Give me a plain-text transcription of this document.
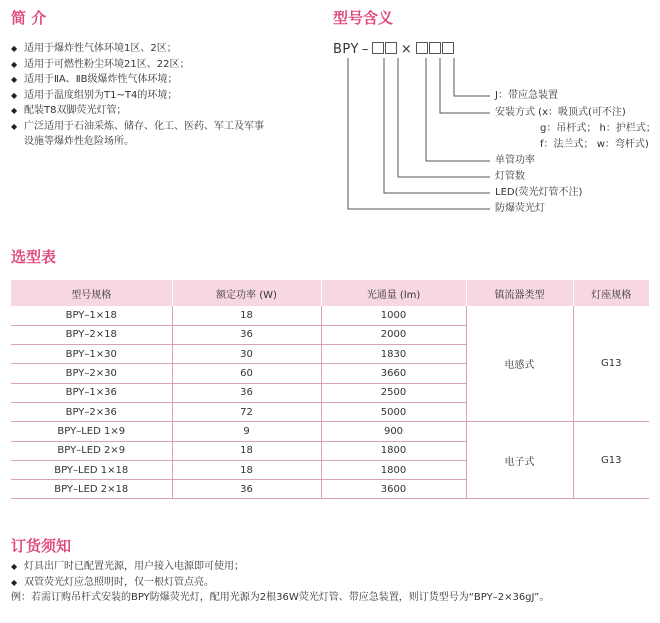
简 介
◆ 适用于爆炸性气体环境1区、2区；
◆ 适用于可燃性粉尘环境21区、22区；
◆ 适用于ⅡA、ⅡB级爆炸性气体环境；
◆ 适用于温度组别为T1~T4的环境；
◆ 配装T8双脚荧光灯管；
◆ 广泛适用于石油采炼、储存、化工、医药、军工及军事
设施等爆炸性危险场所。
型号含义
BPY – ×
J：带应急装置
安装方式 (x：吸顶式(可不注)
g：吊杆式； h：护栏式；
f：法兰式； w：弯杆式)
单管功率
灯管数
LED(荧光灯管不注)
防爆荧光灯
选型表
型号规格	额定功率 (W)	光通量 (lm)	镇流器类型	灯座规格
BPY–1×18	18	1000	电感式	G13
BPY–2×18	36	2000		
BPY–1×30	30	1830		
BPY–2×30	60	3660		
BPY–1×36	36	2500		
BPY–2×36	72	5000		
BPY–LED 1×9	9	900	电子式	G13
BPY–LED 2×9	18	1800		
BPY–LED 1×18	18	1800		
BPY–LED 2×18	36	3600		
订货须知
◆ 灯具出厂时已配置光源，用户接入电源即可使用；
◆ 双管荧光灯应急照明时，仅一根灯管点亮。
例：若需订购吊杆式安装的BPY防爆荧光灯，配用光源为2根36W荧光灯管、带应急装置，则订货型号为“BPY–2×36gJ”。
